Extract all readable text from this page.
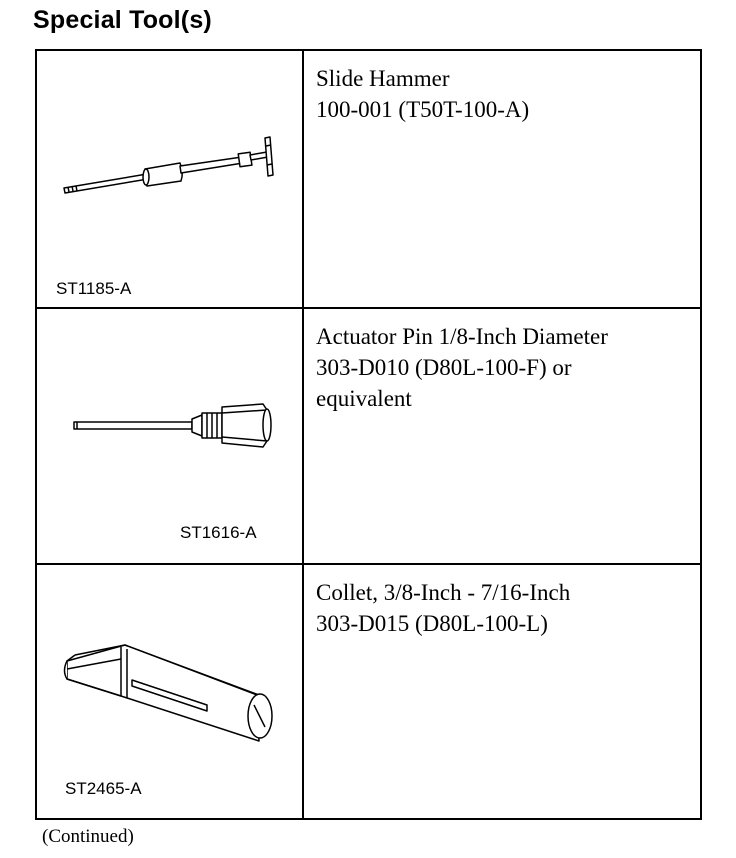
Special Tool(s)
ST1185-A
Slide Hammer
100-001 (T50T-100-A)
ST1616-A
Actuator Pin 1/8-Inch Diameter
303-D010 (D80L-100-F) or
equivalent
ST2465-A
Collet, 3/8-Inch - 7/16-Inch
303-D015 (D80L-100-L)
(Continued)
